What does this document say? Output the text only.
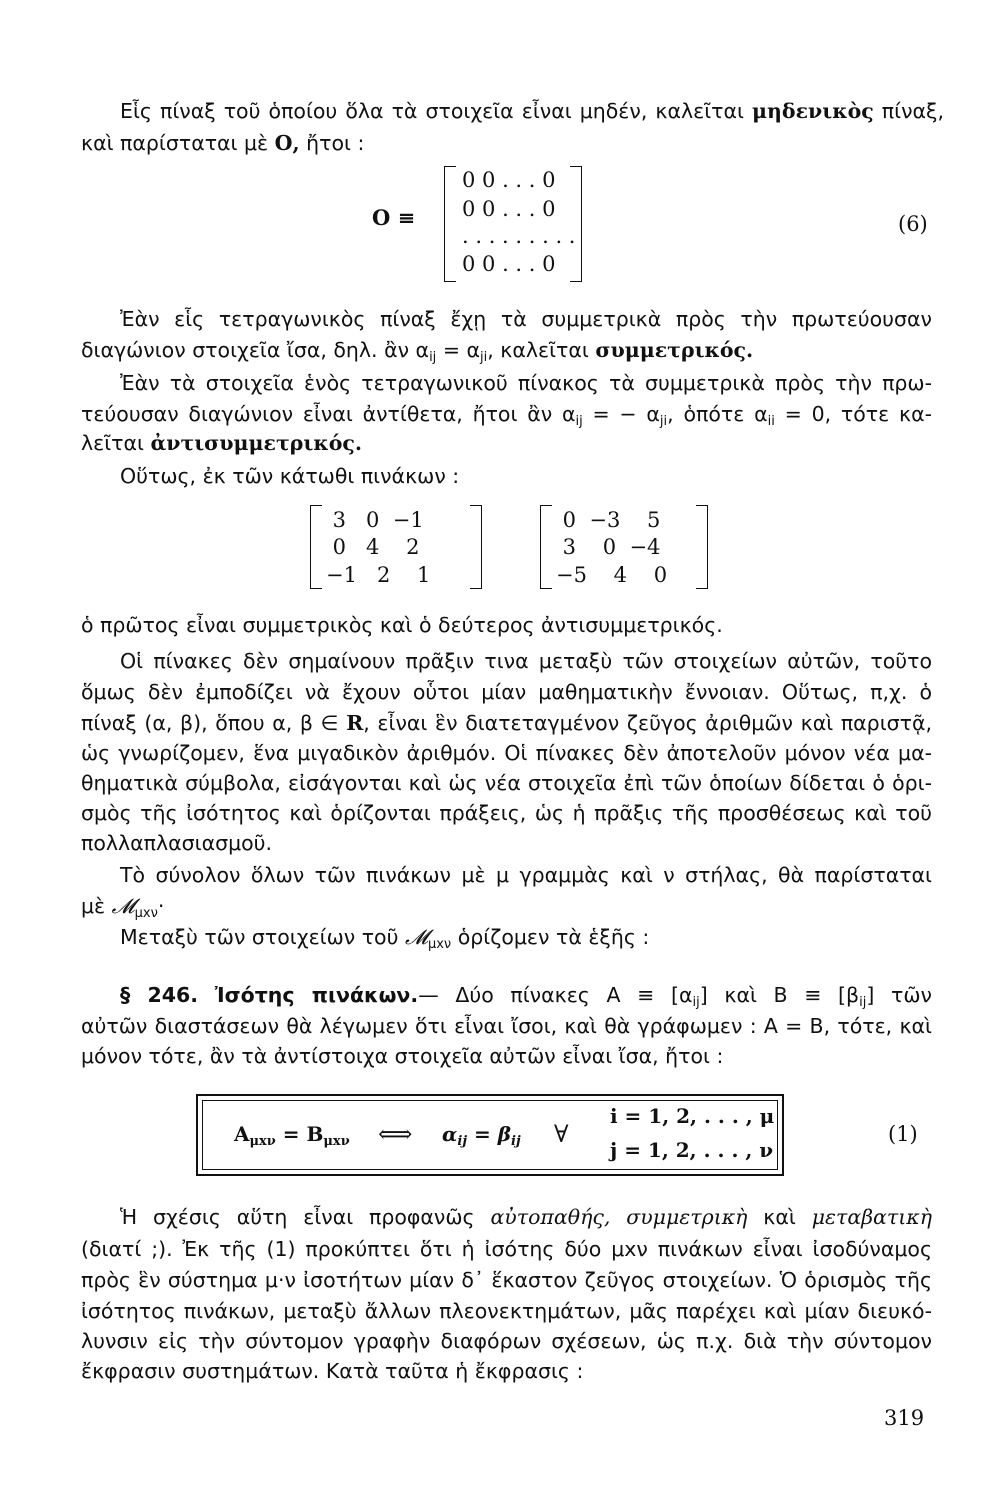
Εἷς πίναξ τοῦ ὁποίου ὅλα τὰ στοιχεῖα εἶναι μηδέν, καλεῖται μηδενικὸς πίναξ,
καὶ παρίσταται μὲ Ο, ἤτοι :
Ο ≡
0 0 . . . 0
0 0 . . . 0
. . . . . . . . .
0 0 . . . 0
(6)
Ἐὰν εἷς τετραγωνικὸς πίναξ ἔχῃ τὰ συμμετρικὰ πρὸς τὴν πρωτεύουσαν
διαγώνιον στοιχεῖα ἴσα, δηλ. ἂν $\alpha_{ij} = \alpha_{ji}$, καλεῖται συμμετρικός.
Ἐὰν τὰ στοιχεῖα ἑνὸς τετραγωνικοῦ πίνακος τὰ συμμετρικὰ πρὸς τὴν πρω-
τεύουσαν διαγώνιον εἶναι ἀντίθετα, ἤτοι ἂν $\alpha_{ij}$ = − $\alpha_{ji}$, ὁπότε $\alpha_{ii} = 0$, τότε κα-
λεῖται ἀντισυμμετρικός.
Οὕτως, ἐκ τῶν κάτωθι πινάκων :
3   0  −1
0   4    2
−1   2    1
0  −3    5
3    0  −4
−5    4    0
ὁ πρῶτος εἶναι συμμετρικὸς καὶ ὁ δεύτερος ἀντισυμμετρικός.
Οἱ πίνακες δὲν σημαίνουν πρᾶξιν τινα μεταξὺ τῶν στοιχείων αὐτῶν, τοῦτο
ὅμως δὲν ἐμποδίζει νὰ ἔχουν οὗτοι μίαν μαθηματικὴν ἔννοιαν. Οὕτως, π,χ. ὁ
πίναξ (α, β), ὅπου α, β ∈ R, εἶναι ἓν διατεταγμένον ζεῦγος ἀριθμῶν καὶ παριστᾷ,
ὡς γνωρίζομεν, ἕνα μιγαδικὸν ἀριθμόν. Οἱ πίνακες δὲν ἀποτελοῦν μόνον νέα μα-
θηματικὰ σύμβολα, εἰσάγονται καὶ ὡς νέα στοιχεῖα ἐπὶ τῶν ὁποίων δίδεται ὁ ὁρι-
σμὸς τῆς ἰσότητος καὶ ὁρίζονται πράξεις, ὡς ἡ πρᾶξις τῆς προσθέσεως καὶ τοῦ
πολλαπλασιασμοῦ.
Τὸ σύνολον ὅλων τῶν πινάκων μὲ μ γραμμὰς καὶ ν στήλας, θὰ παρίσταται
μὲ 𝓜$_{\mu x\nu}$·
Μεταξὺ τῶν στοιχείων τοῦ 𝓜$_{\mu x\nu}$ ὁρίζομεν τὰ ἑξῆς :
§ 246. Ἰσότης πινάκων.— Δύο πίνακες $A \equiv [\alpha_{ij}]$ καὶ $B \equiv [\beta_{ij}]$ τῶν
αὐτῶν διαστάσεων θὰ λέγωμεν ὅτι εἶναι ἴσοι, καὶ θὰ γράφωμεν : Α = Β, τότε, καὶ
μόνον τότε, ἂν τὰ ἀντίστοιχα στοιχεῖα αὐτῶν εἶναι ἴσα, ἤτοι :
$A_{\mu x\nu} = B_{\mu x\nu}$ ⟺ $\alpha_{ij} = \beta_{ij}$ ∀
i = 1, 2, . . . , μ
j = 1, 2, . . . , ν
(1)
Ἡ σχέσις αὕτη εἶναι προφανῶς αὐτοπαθής, συμμετρικὴ καὶ μεταβατικὴ
(διατί ;). Ἐκ τῆς (1) προκύπτει ὅτι ἡ ἰσότης δύο μxν πινάκων εἶναι ἰσοδύναμος
πρὸς ἓν σύστημα μ·ν ἰσοτήτων μίαν δ᾽ ἕκαστον ζεῦγος στοιχείων. Ὁ ὁρισμὸς τῆς
ἰσότητος πινάκων, μεταξὺ ἄλλων πλεονεκτημάτων, μᾶς παρέχει καὶ μίαν διευκό-
λυνσιν εἰς τὴν σύντομον γραφὴν διαφόρων σχέσεων, ὡς π.χ. διὰ τὴν σύντομον
ἔκφρασιν συστημάτων. Κατὰ ταῦτα ἡ ἔκφρασις :
319
